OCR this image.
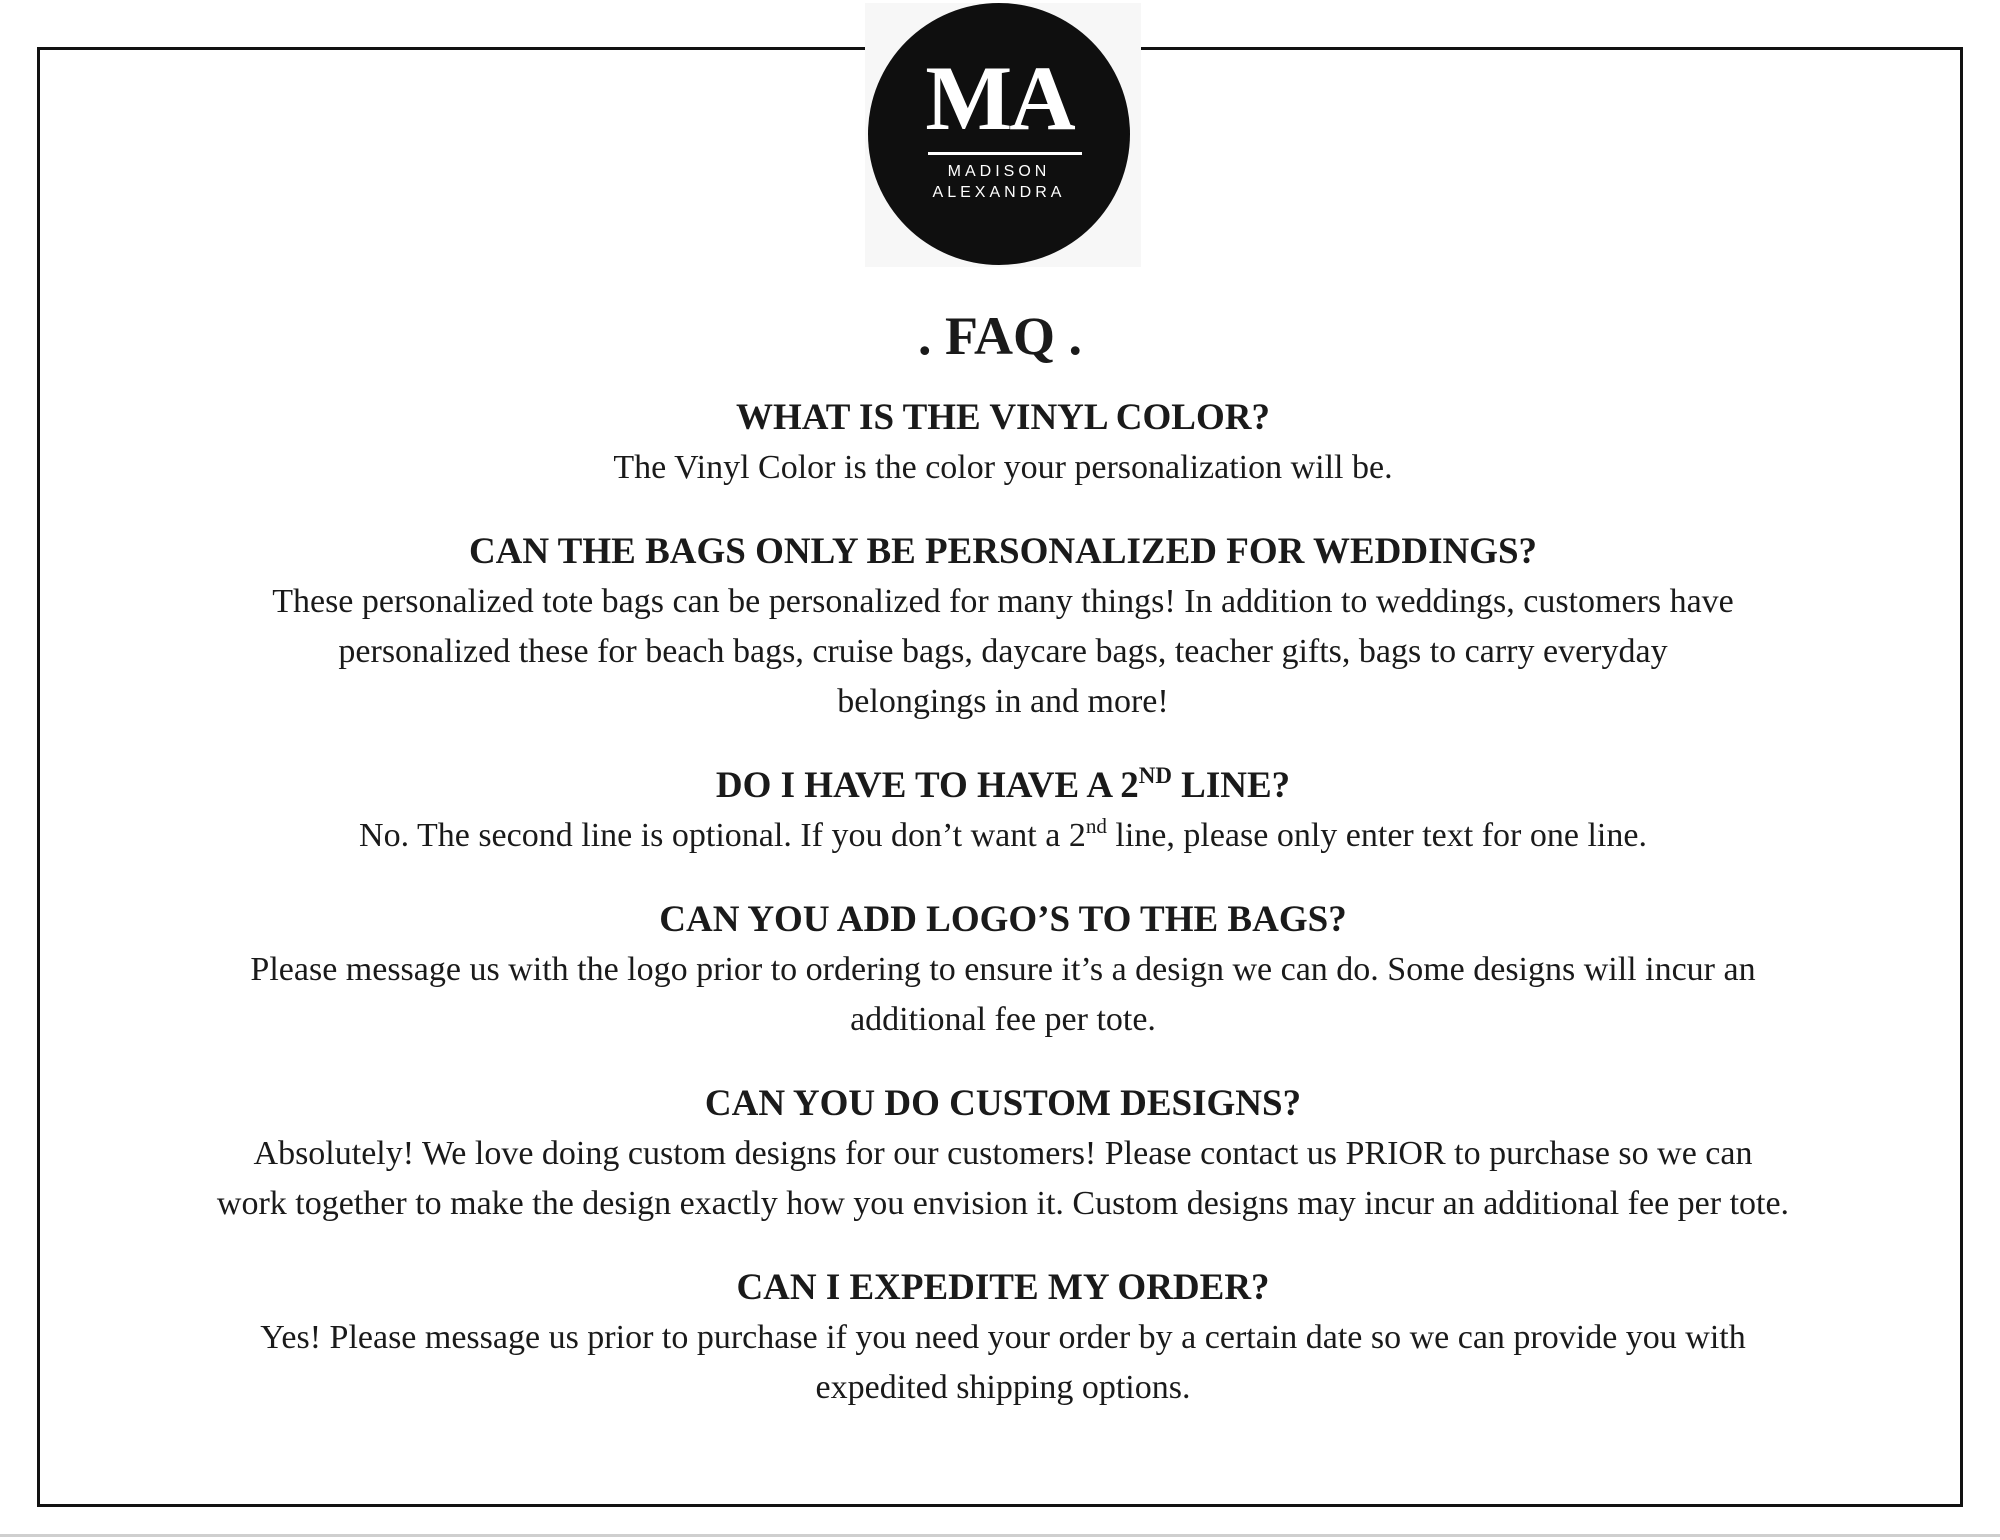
MA
MADISON
ALEXANDRA
. FAQ .
WHAT IS THE VINYL COLOR?
The Vinyl Color is the color your personalization will be.
CAN THE BAGS ONLY BE PERSONALIZED FOR WEDDINGS?
These personalized tote bags can be personalized for many things! In addition to weddings, customers have
personalized these for beach bags, cruise bags, daycare bags, teacher gifts, bags to carry everyday
belongings in and more!
DO I HAVE TO HAVE A 2ND LINE?
No. The second line is optional. If you don’t want a 2nd line, please only enter text for one line.
CAN YOU ADD LOGO’S TO THE BAGS?
Please message us with the logo prior to ordering to ensure it’s a design we can do. Some designs will incur an
additional fee per tote.
CAN YOU DO CUSTOM DESIGNS?
Absolutely! We love doing custom designs for our customers! Please contact us PRIOR to purchase so we can
work together to make the design exactly how you envision it. Custom designs may incur an additional fee per tote.
CAN I EXPEDITE MY ORDER?
Yes! Please message us prior to purchase if you need your order by a certain date so we can provide you with
expedited shipping options.
